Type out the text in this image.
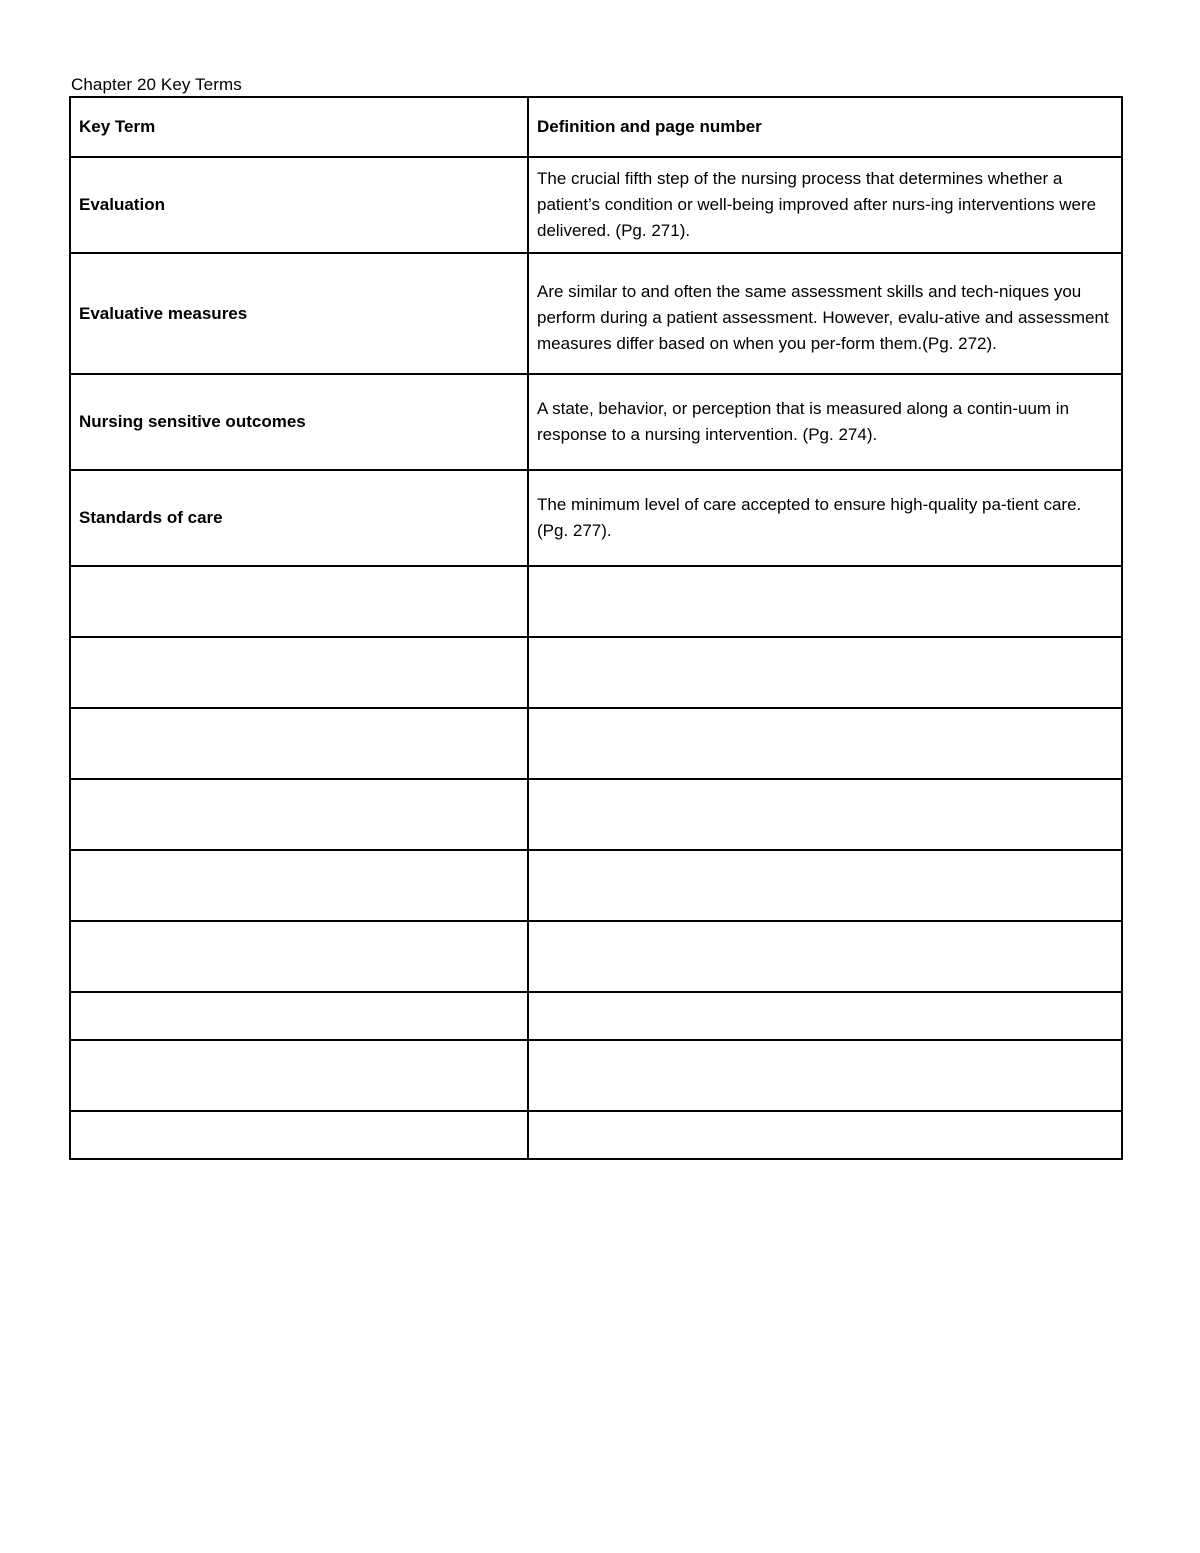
Chapter 20 Key Terms
Key Term	Definition and page number
Evaluation	The crucial fifth step of the nursing process that determines whether a patient’s condition or well-being improved after nurs-ing interventions were delivered. (Pg. 271).
Evaluative measures	Are similar to and often the same assessment skills and tech-niques you perform during a patient assessment. However, evalu-ative and assessment measures differ based on when you per-form them.(Pg. 272).
Nursing sensitive outcomes	A state, behavior, or perception that is measured along a contin-uum in response to a nursing intervention. (Pg. 274).
Standards of care	The minimum level of care accepted to ensure high-quality pa-tient care. (Pg. 277).
